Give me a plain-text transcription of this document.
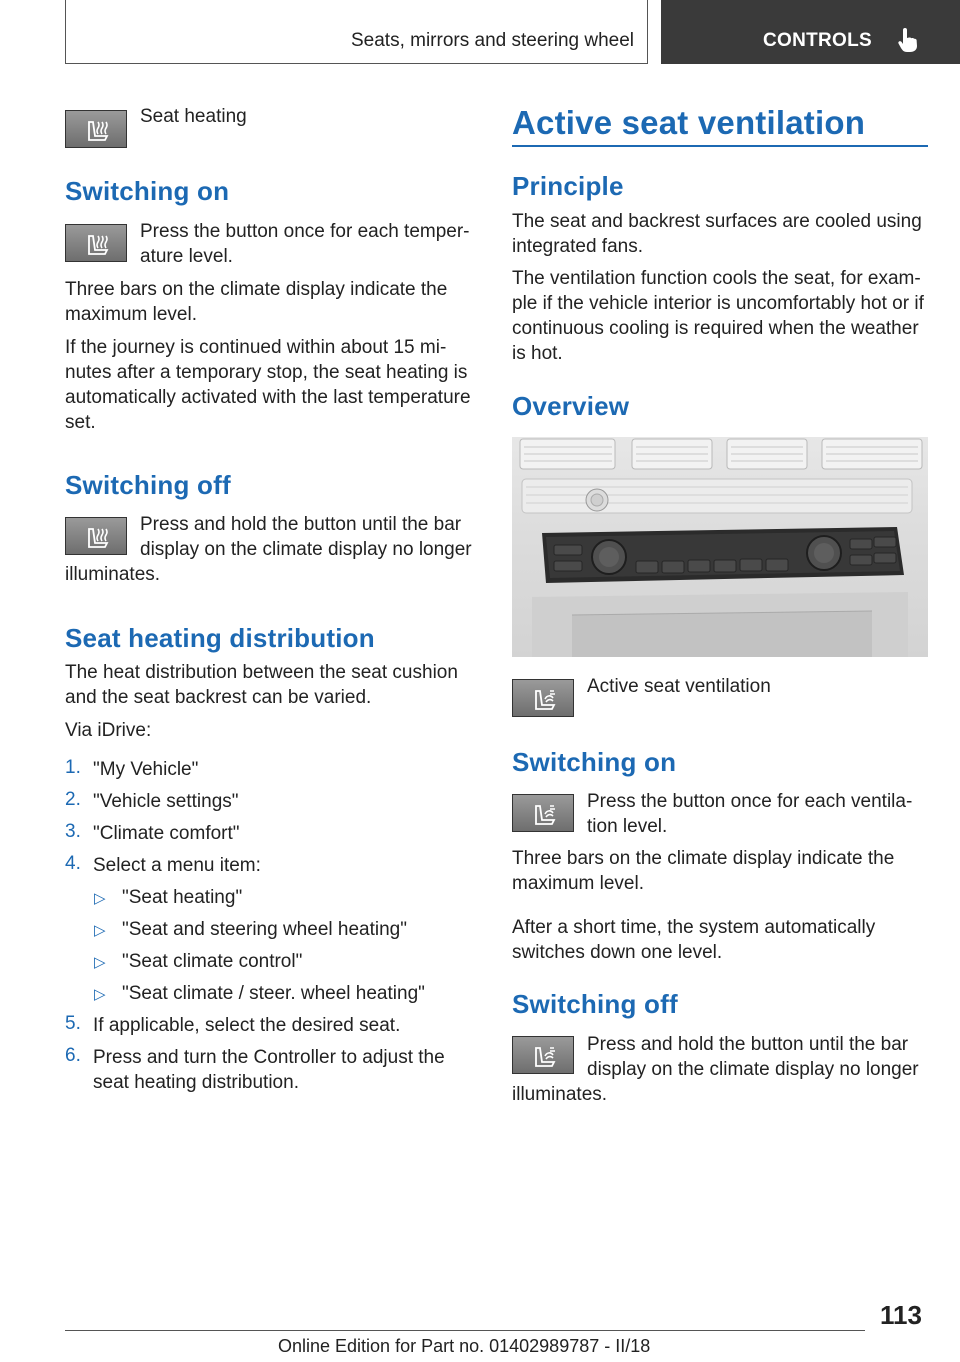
Seats, mirrors and steering wheel	CONTROLS

Seat heating

Switching on

Press the button once for each temper‐

ature level.

Three bars on the climate display indicate the

maximum level.

If the journey is continued within about 15 mi‐

nutes after a temporary stop, the seat heating is

automatically activated with the last temperature

set.

Switching off

Press and hold the button until the bar

display on the climate display no longer

illuminates.

Seat heating distribution

The heat distribution between the seat cushion

and the seat backrest can be varied.

Via iDrive:

1. "My Vehicle"

2. "Vehicle settings"

3. "Climate comfort"

4. Select a menu item:

▷ "Seat heating"

▷ "Seat and steering wheel heating"

▷ "Seat climate control"

▷ "Seat climate / steer. wheel heating"

5. If applicable, select the desired seat.

6. Press and turn the Controller to adjust the

seat heating distribution.

Active seat ventilation
Principle

The seat and backrest surfaces are cooled using

integrated fans.

The ventilation function cools the seat, for exam‐

ple if the vehicle interior is uncomfortably hot or if

continuous cooling is required when the weather

is hot.

Overview

Active seat ventilation

Switching on

Press the button once for each ventila‐

tion level.

Three bars on the climate display indicate the

maximum level.

After a short time, the system automatically

switches down one level.

Switching off

Press and hold the button until the bar

display on the climate display no longer

illuminates.

113
Online Edition for Part no. 01402989787 - II/18
